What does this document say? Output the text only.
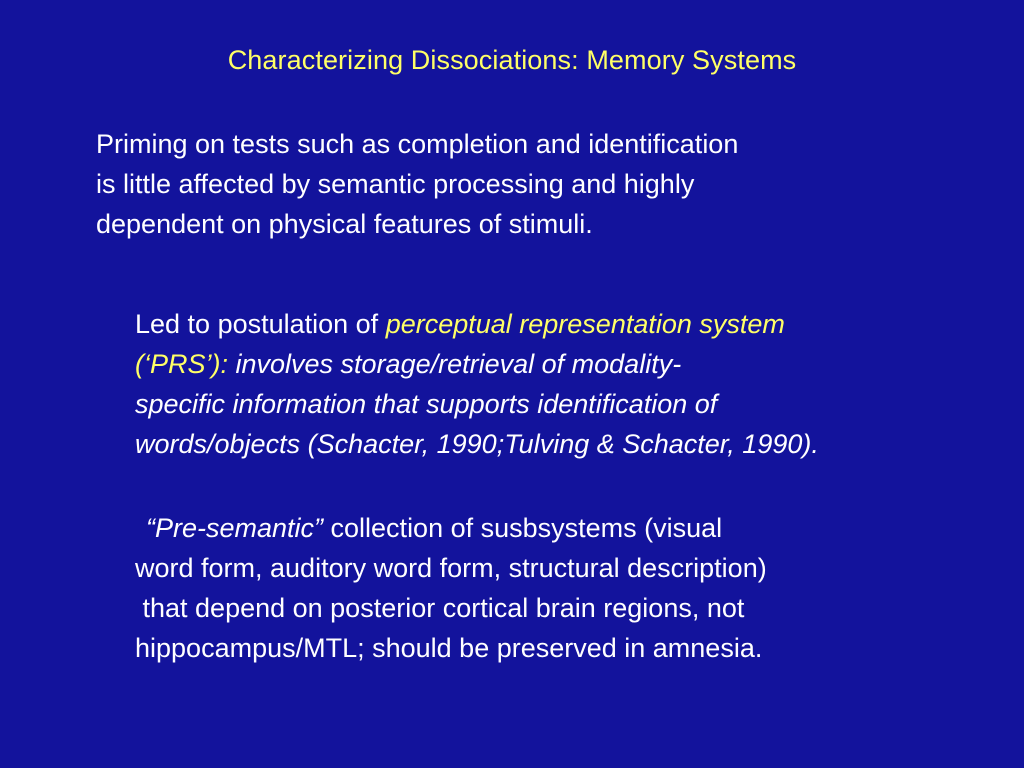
Characterizing Dissociations: Memory Systems
Priming on tests such as completion and identification
is little affected by semantic processing and highly
dependent on physical features of stimuli.
Led to postulation of perceptual representation system
(‘PRS’): involves storage/retrieval of modality-
specific information that supports identification of
words/objects (Schacter, 1990;Tulving & Schacter, 1990).
“Pre-semantic” collection of susbsystems (visual
word form, auditory word form, structural description)
that depend on posterior cortical brain regions, not
hippocampus/MTL; should be preserved in amnesia.
